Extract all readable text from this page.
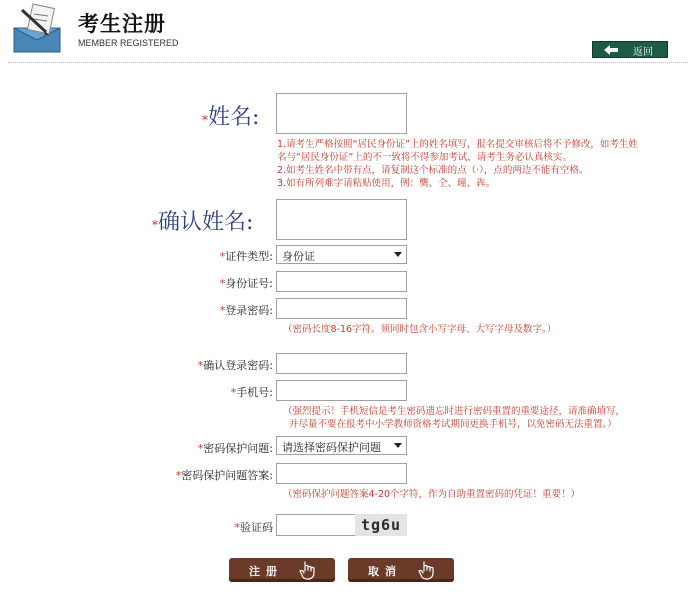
考生注册
MEMBER REGISTERED
返回
*姓名:
1.请考生严格按照“居民身份证”上的姓名填写，报名提交审核后将不予修改，如考生姓
名与“居民身份证”上的不一致将不得参加考试，请考生务必认真核实。
2.如考生姓名中带有点，请复制这个标准的点（·），点的两边不能有空格。
3.如有所列难字请粘贴使用，例：龑、仝、曈、犇。
*确认姓名:
*证件类型: 身份证
*身份证号:
*登录密码:
（密码长度8-16字符。须同时包含小写字母、大写字母及数字。）
*确认登录密码:
*手机号:
（强烈提示！手机短信是考生密码遗忘时进行密码重置的重要途径，请准确填写，
并尽量不要在报考中小学教师资格考试期间更换手机号，以免密码无法重置。）
*密码保护问题: 请选择密码保护问题
*密码保护问题答案:
（密码保护问题答案4-20个字符，作为自助重置密码的凭证！重要！）
*验证码	tg6u
注册	取消
